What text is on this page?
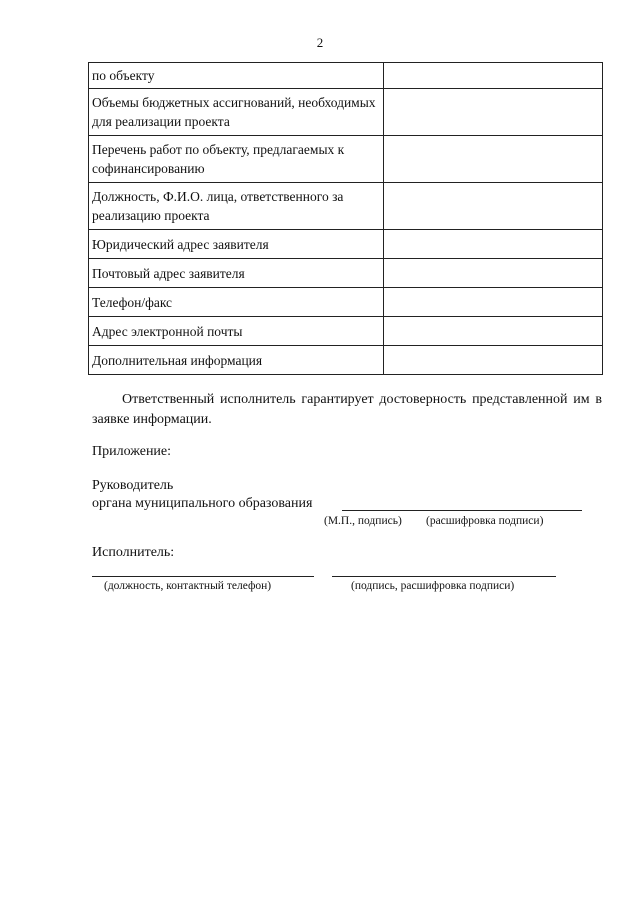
2
по объекту	
Объемы бюджетных ассигнований, необходимых для реализации проекта	
Перечень работ по объекту, предлагаемых к софинансированию	
Должность, Ф.И.О. лица, ответственного за реализацию проекта	
Юридический адрес заявителя	
Почтовый адрес заявителя	
Телефон/факс	
Адрес электронной почты	
Дополнительная информация	
Ответственный исполнитель гарантирует достоверность представленной им в заявке информации.
Приложение:
Руководитель
органа муниципального образования
(М.П., подпись) (расшифровка подписи)
Исполнитель:
(должность, контактный телефон)	(подпись, расшифровка подписи)
